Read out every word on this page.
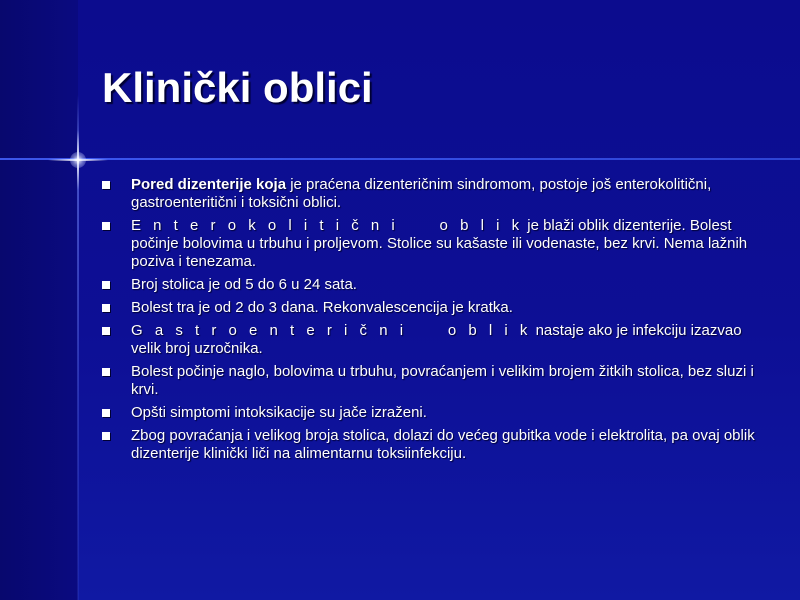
Klinički oblici
Pored dizenterije koja je praćena dizenteričnim sindromom, postoje još enterokolitični, gastroenteritični i toksični oblici.
E n t e r o k o l i t i č n i     o b l i k je blaži oblik dizenterije. Bolest počinje bolovima u trbuhu i proljevom. Stolice su kašaste ili vodenaste, bez krvi. Nema lažnih poziva i tenezama.
Broj stolica je od 5 do 6 u 24 sata.
Bolest tra je od 2 do 3 dana. Rekonvalescencija je kratka.
G a s t r o e n t e r i č n i     o b l i k nastaje ako je infekciju izazvao velik broj uzročnika.
Bolest počinje naglo, bolovima u trbuhu, povraćanjem i velikim brojem žitkih stolica, bez sluzi i krvi.
Opšti simptomi intoksikacije su jače izraženi.
Zbog povraćanja i velikog broja stolica, dolazi do većeg gubitka vode i elektrolita, pa ovaj oblik dizenterije klinički liči na alimentarnu toksiinfekciju.
